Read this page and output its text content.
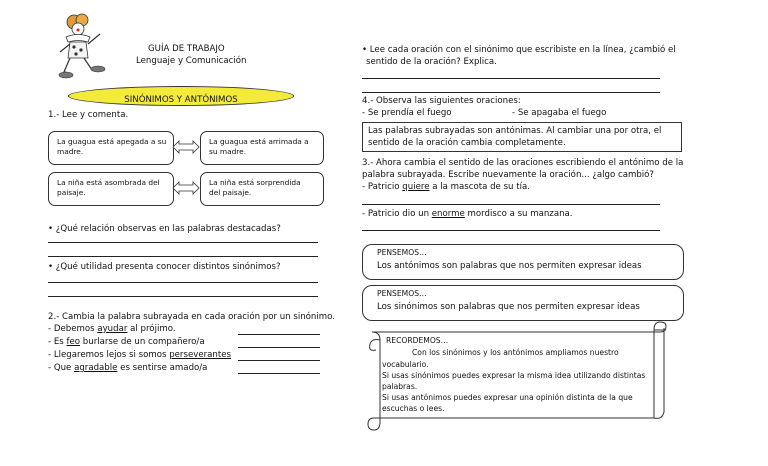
GUÍA DE TRABAJO
Lenguaje y Comunicación
SINÓNIMOS Y ANTÓNIMOS
1.- Lee y comenta.
La guagua está apegada a su
madre.
La guagua está arrimada a
su madre.
La niña está asombrada del
paisaje.
La niña está sorprendida
del paisaje.
• ¿Qué relación observas en las palabras destacadas?
• ¿Qué utilidad presenta conocer distintos sinónimos?
2.- Cambia la palabra subrayada en cada oración por un sinónimo.
- Debemos ayudar al prójimo.
- Es feo burlarse de un compañero/a
- Llegaremos lejos si somos perseverantes
- Que agradable es sentirse amado/a
• Lee cada oración con el sinónimo que escribiste en la línea, ¿cambió el
sentido de la oración? Explica.
4.- Observa las siguientes oraciones:
- Se prendía el fuego	- Se apagaba el fuego
Las palabras subrayadas son antónimas. Al cambiar una por otra, el
sentido de la oración cambia completamente.
3.- Ahora cambia el sentido de las oraciones escribiendo el antónimo de la
palabra subrayada. Escribe nuevamente la oración... ¿algo cambió?
- Patricio quiere a la mascota de su tía.
- Patricio dio un enorme mordisco a su manzana.
PENSEMOS…
Los antónimos son palabras que nos permiten expresar ideas
PENSEMOS…
Los sinónimos son palabras que nos permiten expresar ideas
RECORDEMOS…
Con los sinónimos y los antónimos ampliamos nuestro
vocabulario.
Si usas sinónimos puedes expresar la misma idea utilizando distintas
palabras.
Si usas antónimos puedes expresar una opinión distinta de la que
escuchas o lees.
